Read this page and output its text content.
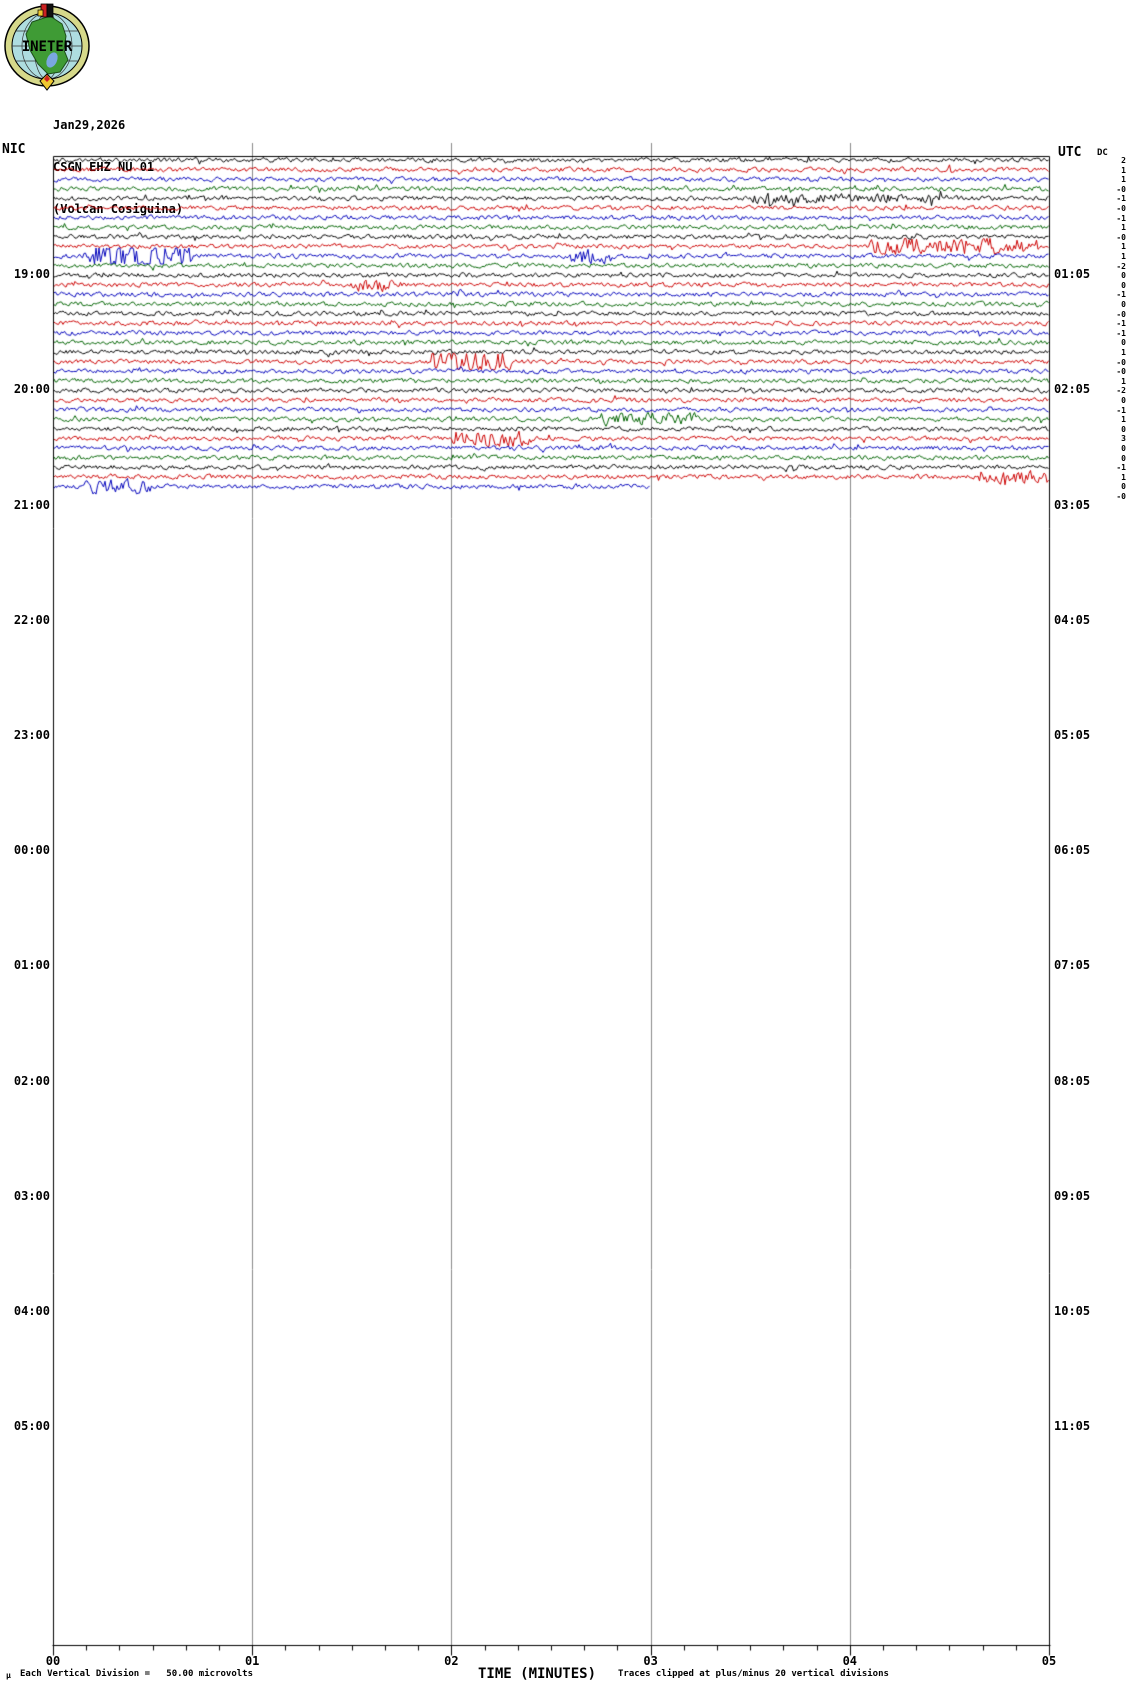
19:00
20:00
21:00
22:00
23:00
00:00
01:00
02:00
03:00
04:00
05:00
01:05
02:05
03:05
04:05
05:05
06:05
07:05
08:05
09:05
10:05
11:05
2
1
1
-0
-1
-0
-1
1
-0
1
1
-2
0
0
-1
0
-0
-1
-1
0
1
-0
-0
1
-2
0
-1
1
0
3
0
0
-1
1
0
-0
00	01	02	03	04	05
μ Each Vertical Division =   50.00 microvolts	TIME (MINUTES) Traces clipped at plus/minus 20 vertical divisions
